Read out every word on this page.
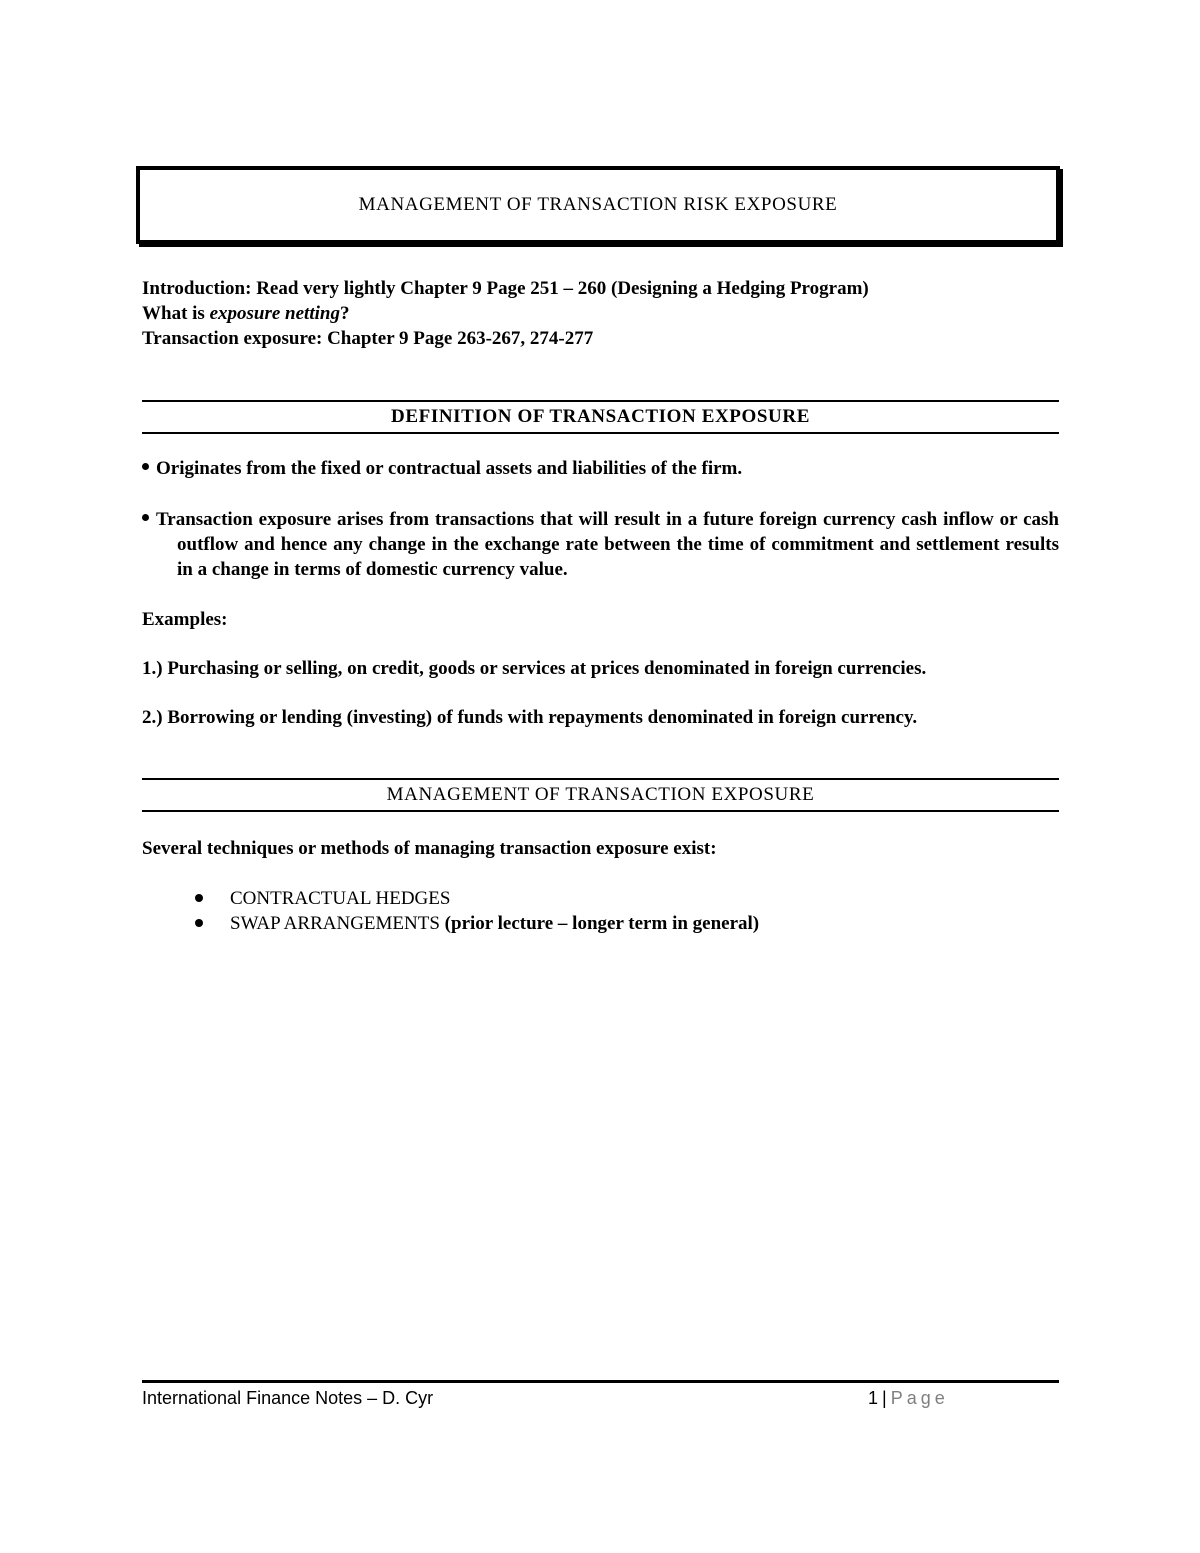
MANAGEMENT OF TRANSACTION RISK EXPOSURE
Introduction: Read very lightly Chapter 9 Page 251 – 260 (Designing a Hedging Program)
What is exposure netting?
Transaction exposure: Chapter 9 Page 263-267, 274-277
DEFINITION OF TRANSACTION EXPOSURE
Originates from the fixed or contractual assets and liabilities of the firm.
Transaction exposure arises from transactions that will result in a future foreign currency cash inflow or cash outflow and hence any change in the exchange rate between the time of commitment and settlement results in a change in terms of domestic currency value.
Examples:
1.) Purchasing or selling, on credit, goods or services at prices denominated in foreign currencies.
2.) Borrowing or lending (investing) of funds with repayments denominated in foreign currency.
MANAGEMENT OF TRANSACTION EXPOSURE
Several techniques or methods of managing transaction exposure exist:
CONTRACTUAL HEDGES
SWAP ARRANGEMENTS (prior lecture – longer term in general)
International Finance Notes – D. Cyr	1 | Page
